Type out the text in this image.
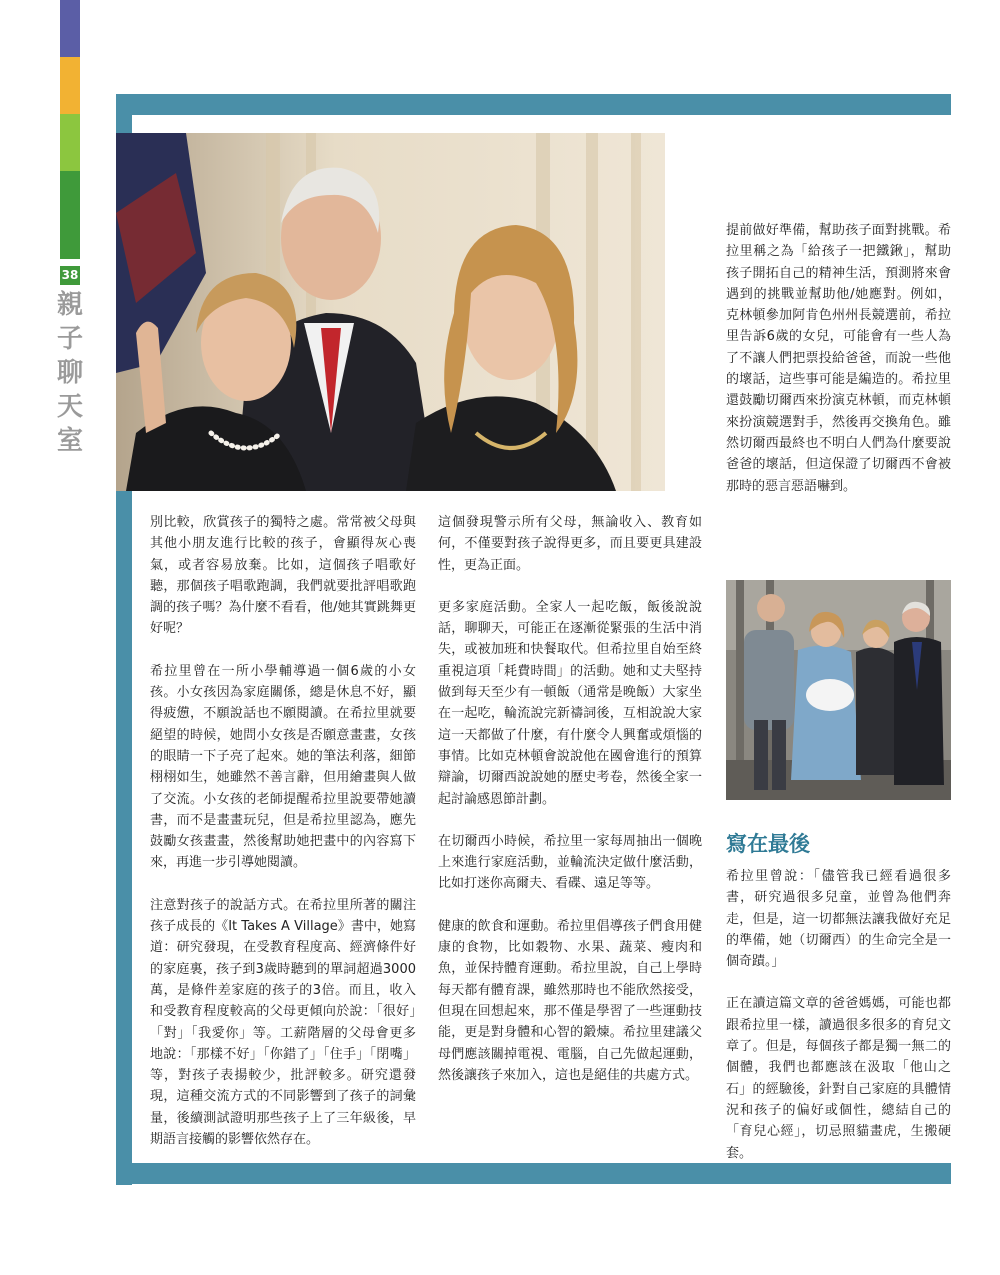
38
親
子
聊
天
室

別比較，欣賞孩子的獨特之處。常常被父母與其他小朋友進行比較的孩子，會顯得灰心喪氣，或者容易放棄。比如，這個孩子唱歌好聽，那個孩子唱歌跑調，我們就要批評唱歌跑調的孩子嗎？為什麼不看看，他/她其實跳舞更好呢？

希拉里曾在一所小學輔導過一個6歲的小女孩。小女孩因為家庭關係，總是休息不好，顯得疲憊，不願說話也不願閱讀。在希拉里就要絕望的時候，她問小女孩是否願意畫畫，女孩的眼睛一下子亮了起來。她的筆法利落，細節栩栩如生，她雖然不善言辭，但用繪畫與人做了交流。小女孩的老師提醒希拉里說要帶她讀書，而不是畫畫玩兒，但是希拉里認為，應先鼓勵女孩畫畫，然後幫助她把畫中的內容寫下來，再進一步引導她閱讀。

注意對孩子的說話方式。在希拉里所著的關注孩子成長的《It Takes A Village》書中，她寫道：研究發現，在受教育程度高、經濟條件好的家庭裏，孩子到3歲時聽到的單詞超過3000萬，是條件差家庭的孩子的3倍。而且，收入和受教育程度較高的父母更傾向於說：「很好」「對」「我愛你」等。工薪階層的父母會更多地說：「那樣不好」「你錯了」「住手」「閉嘴」等，對孩子表揚較少，批評較多。研究還發現，這種交流方式的不同影響到了孩子的詞彙量，後續測試證明那些孩子上了三年級後，早期語言接觸的影響依然存在。

這個發現警示所有父母，無論收入、教育如何，不僅要對孩子說得更多，而且要更具建設性，更為正面。

更多家庭活動。全家人一起吃飯，飯後說說話，聊聊天，可能正在逐漸從緊張的生活中消失，或被加班和快餐取代。但希拉里自始至終重視這項「耗費時間」的活動。她和丈夫堅持做到每天至少有一頓飯（通常是晚飯）大家坐在一起吃，輪流說完新禱詞後，互相說說大家這一天都做了什麼，有什麼令人興奮或煩惱的事情。比如克林頓會說說他在國會進行的預算辯論，切爾西說說她的歷史考卷，然後全家一起討論感恩節計劃。

在切爾西小時候，希拉里一家每周抽出一個晚上來進行家庭活動，並輪流決定做什麼活動，比如打迷你高爾夫、看碟、遠足等等。

健康的飲食和運動。希拉里倡導孩子們食用健康的食物，比如穀物、水果、蔬菜、瘦肉和魚，並保持體育運動。希拉里說，自己上學時每天都有體育課，雖然那時也不能欣然接受，但現在回想起來，那不僅是學習了一些運動技能，更是對身體和心智的鍛煉。希拉里建議父母們應該關掉電視、電腦，自己先做起運動，然後讓孩子來加入，這也是絕佳的共處方式。

提前做好準備，幫助孩子面對挑戰。希拉里稱之為「給孩子一把鐵鍬」，幫助孩子開拓自己的精神生活，預測將來會遇到的挑戰並幫助他/她應對。例如，克林頓參加阿肯色州州長競選前，希拉里告訴6歲的女兒，可能會有一些人為了不讓人們把票投給爸爸，而說一些他的壞話，這些事可能是編造的。希拉里還鼓勵切爾西來扮演克林頓，而克林頓來扮演競選對手，然後再交換角色。雖然切爾西最終也不明白人們為什麼要說爸爸的壞話，但這保證了切爾西不會被那時的惡言惡語嚇到。

寫在最後

希拉里曾說：「儘管我已經看過很多書，研究過很多兒童，並曾為他們奔走，但是，這一切都無法讓我做好充足的準備，她（切爾西）的生命完全是一個奇蹟。」

正在讀這篇文章的爸爸媽媽，可能也都跟希拉里一樣，讀過很多很多的育兒文章了。但是，每個孩子都是獨一無二的個體，我們也都應該在汲取「他山之石」的經驗後，針對自己家庭的具體情況和孩子的偏好或個性，總結自己的「育兒心經」，切忌照貓畫虎，生搬硬套。
